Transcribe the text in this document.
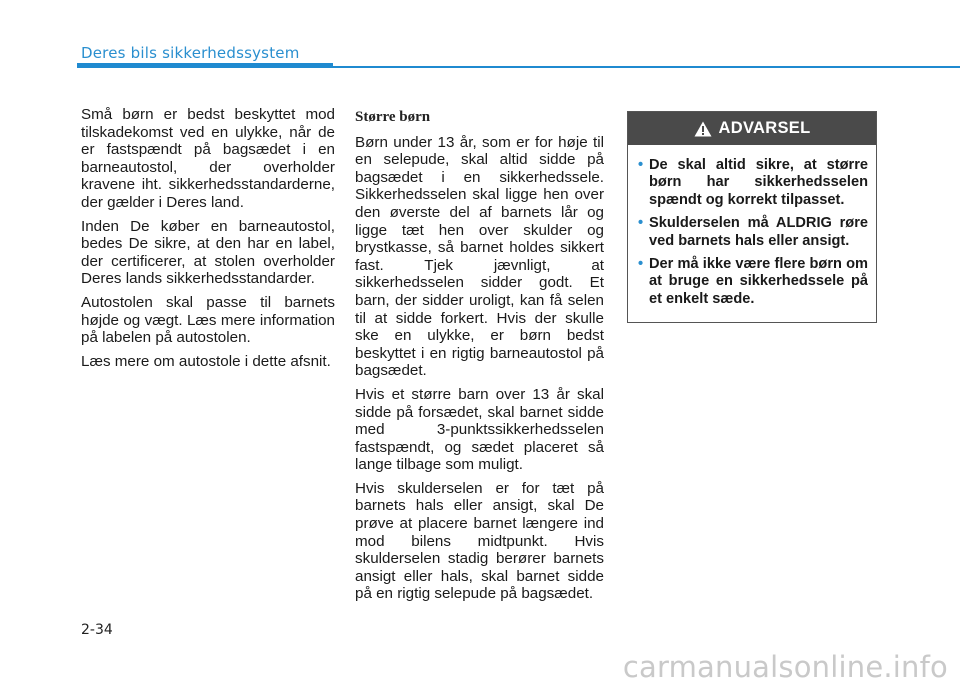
Deres bils sikkerhedssystem

Små børn er bedst beskyttet mod tilskadekomst ved en ulykke, når de er fastspændt på bagsædet i en barneautostol, der overholder kravene iht. sikkerhedsstandarderne, der gælder i Deres land.

Inden De køber en barneautostol, bedes De sikre, at den har en label, der certificerer, at stolen overholder Deres lands sikkerhedsstandarder.

Autostolen skal passe til barnets højde og vægt. Læs mere information på labelen på autostolen.

Læs mere om autostole i dette afsnit.

Større børn

Børn under 13 år, som er for høje til en selepude, skal altid sidde på bagsædet i en sikkerhedssele. Sikkerhedsselen skal ligge hen over den øverste del af barnets lår og ligge tæt hen over skulder og brystkasse, så barnet holdes sikkert fast. Tjek jævnligt, at sikkerhedsselen sidder godt. Et barn, der sidder uroligt, kan få selen til at sidde forkert. Hvis der skulle ske en ulykke, er børn bedst beskyttet i en rigtig barneautostol på bagsædet.

Hvis et større barn over 13 år skal sidde på forsædet, skal barnet sidde med 3-punktssikkerhedsselen fastspændt, og sædet placeret så lange tilbage som muligt.

Hvis skulderselen er for tæt på barnets hals eller ansigt, skal De prøve at placere barnet længere ind mod bilens midtpunkt. Hvis skulderselen stadig berører barnets ansigt eller hals, skal barnet sidde på en rigtig selepude på bagsædet.

ADVARSEL
• De skal altid sikre, at større børn har sikkerhedsselen spændt og korrekt tilpasset.
• Skulderselen må ALDRIG røre ved barnets hals eller ansigt.
• Der må ikke være flere børn om at bruge en sikkerhedssele på et enkelt sæde.
2-34
carmanualsonline.info
